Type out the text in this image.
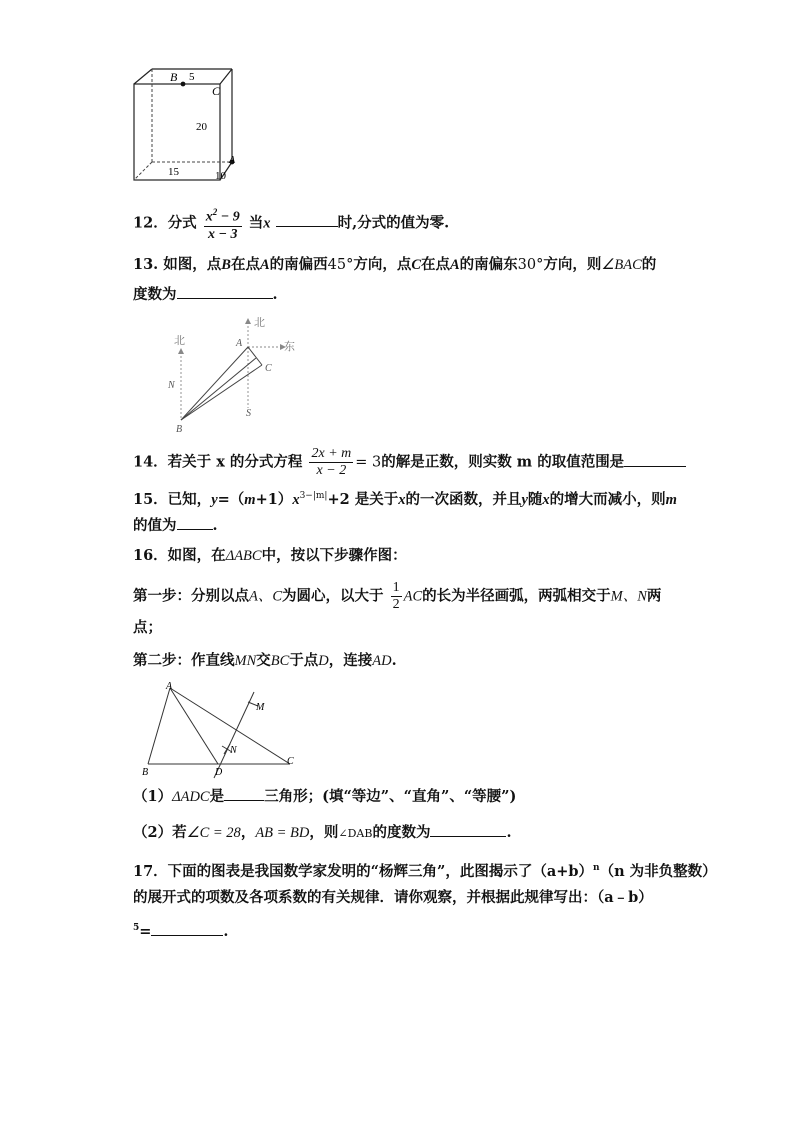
B 5
C
20
A
15	10
12．分式 $\frac{x^2 - 9}{x - 3}$ 当x	时,分式的值为零.
13. 如图，点B在点A的南偏西45°方向，点C在点A的南偏东30°方向，则∠BAC的
度数为	.
北
东
北	A
C
N
S
B
14．若关于 x 的分式方程 $\frac{2x + m}{x - 2} = 3$的解是正数，则实数 m 的取值范围是
15．已知，$y=(m+1)x^{3-|m|}+2$ 是关于x的一次函数，并且y随x的增大而减小，则m
的值为 .
16．如图，在ΔABC中，按以下步骤作图：
第一步：分别以点A、C为圆心，以大于 $\frac{1}{2}$ AC的长为半径画弧，两弧相交于M、N两
点；
第二步：作直线MN交BC于点D，连接AD.
A
M
N
B	D
C
（1）ΔADC是	三角形；(填“等边”、“直角”、“等腰”)
（2）若∠C = 28，AB = BD，则∠DAB的度数为	.
17．下面的图表是我国数学家发明的“杨辉三角”，此图揭示了$(a+b)^n(n$ 为非负整数）
的展开式的项数及各项系数的有关规律．请你观察，并根据此规律写出：（a﹣b）
$^5$=	.
